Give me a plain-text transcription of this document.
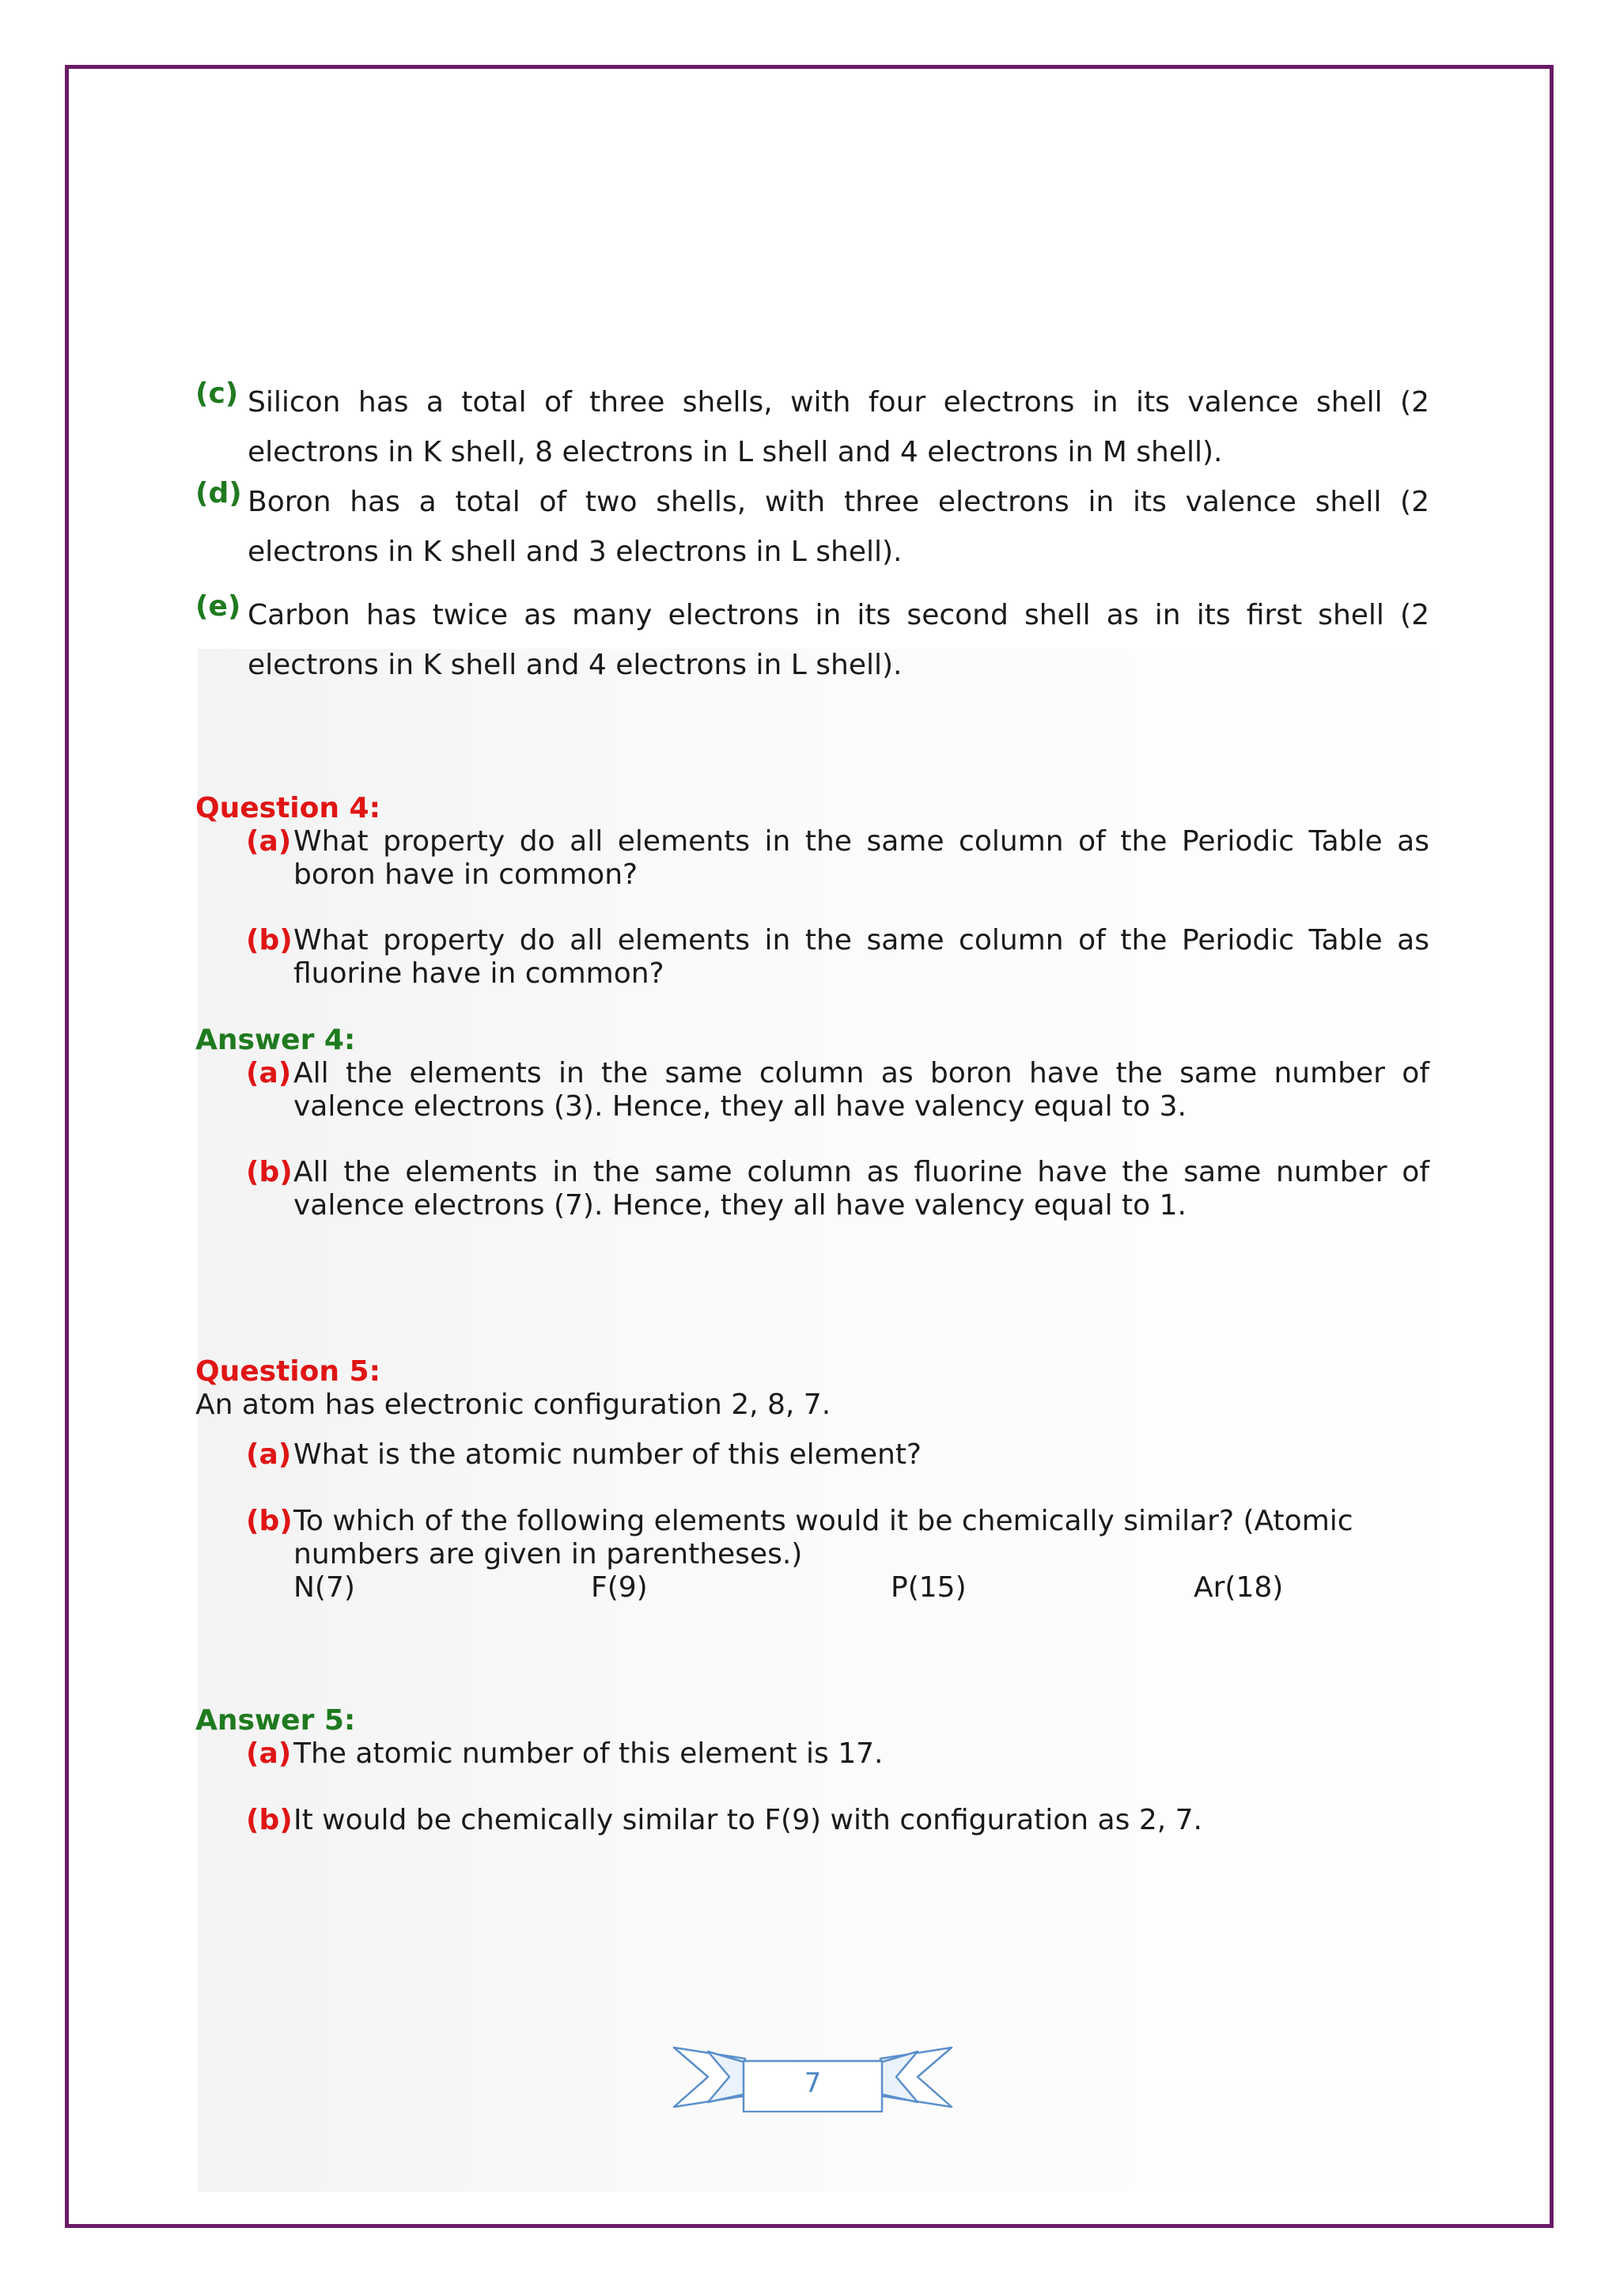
(c) Silicon has a total of three shells, with four electrons in its valence shell (2 electrons in K shell, 8 electrons in L shell and 4 electrons in M shell).
(d) Boron has a total of two shells, with three electrons in its valence shell (2 electrons in K shell and 3 electrons in L shell).
(e) Carbon has twice as many electrons in its second shell as in its first shell (2 electrons in K shell and 4 electrons in L shell).
Question 4:
(a) What property do all elements in the same column of the Periodic Table as boron have in common?
(b) What property do all elements in the same column of the Periodic Table as fluorine have in common?
Answer 4:
(a) All the elements in the same column as boron have the same number of valence electrons (3). Hence, they all have valency equal to 3.
(b) All the elements in the same column as fluorine have the same number of valence electrons (7). Hence, they all have valency equal to 1.
Question 5:
An atom has electronic configuration 2, 8, 7.
(a) What is the atomic number of this element?
(b) To which of the following elements would it be chemically similar? (Atomic numbers are given in parentheses.)
N(7)	F(9)	P(15)	Ar(18)
Answer 5:
(a) The atomic number of this element is 17.
(b) It would be chemically similar to F(9) with configuration as 2, 7.
7
